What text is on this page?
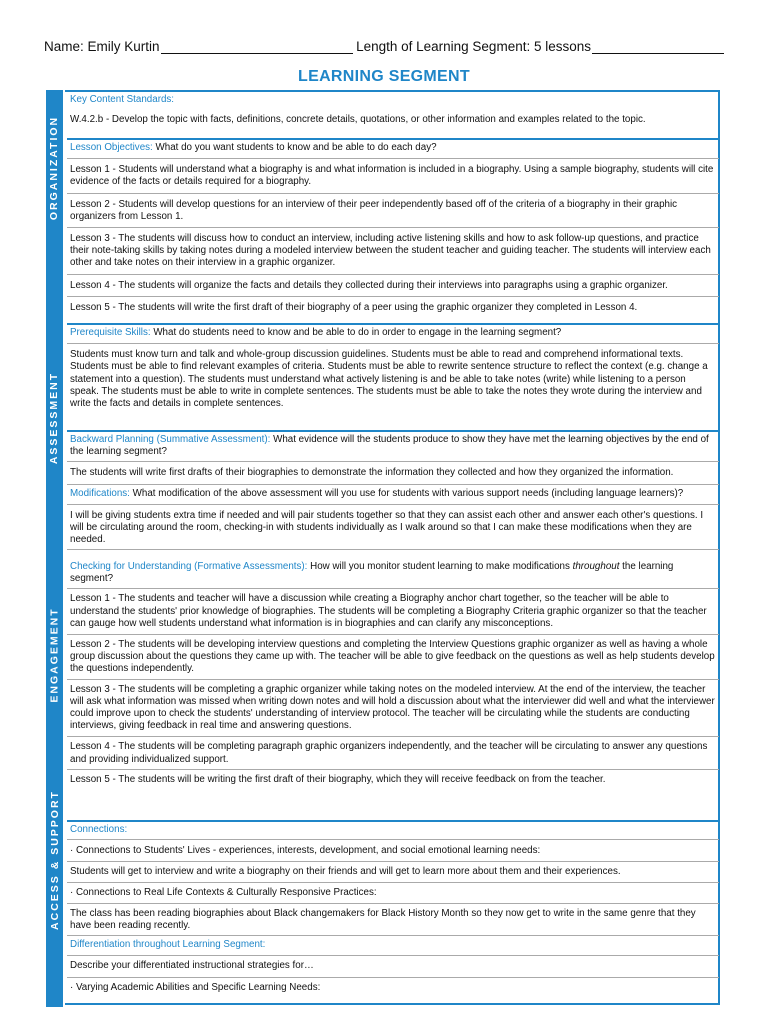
Name: Emily Kurtin	Length of Learning Segment: 5 lessons
LEARNING SEGMENT
ORGANIZATION
ASSESSMENT
ENGAGEMENT
ACCESS & SUPPORT
Key Content Standards:
W.4.2.b - Develop the topic with facts, definitions, concrete details, quotations, or other information and examples related to the topic.
Lesson Objectives: What do you want students to know and be able to do each day?
Lesson 1 - Students will understand what a biography is and what information is included in a biography. Using a sample biography, students will cite evidence of the facts or details required for a biography.
Lesson 2 - Students will develop questions for an interview of their peer independently based off of the criteria of a biography in their graphic organizers from Lesson 1.
Lesson 3 - The students will discuss how to conduct an interview, including active listening skills and how to ask follow-up questions, and practice their note-taking skills by taking notes during a modeled interview between the student teacher and guiding teacher. The students will interview each other and take notes on their interview in a graphic organizer.
Lesson 4 - The students will organize the facts and details they collected during their interviews into paragraphs using a graphic organizer.
Lesson 5 - The students will write the first draft of their biography of a peer using the graphic organizer they completed in Lesson 4.
Prerequisite Skills: What do students need to know and be able to do in order to engage in the learning segment?
Students must know turn and talk and whole-group discussion guidelines. Students must be able to read and comprehend informational texts. Students must be able to find relevant examples of criteria. Students must be able to rewrite sentence structure to reflect the context (e.g. change a statement into a question). The students must understand what actively listening is and be able to take notes (write) while listening to a person speak. The students must be able to write in complete sentences. The students must be able to take the notes they wrote during the interview and write the facts and details in complete sentences.
Backward Planning (Summative Assessment): What evidence will the students produce to show they have met the learning objectives by the end of the learning segment?
The students will write first drafts of their biographies to demonstrate the information they collected and how they organized the information.
Modifications: What modification of the above assessment will you use for students with various support needs (including language learners)?
I will be giving students extra time if needed and will pair students together so that they can assist each other and answer each other's questions. I will be circulating around the room, checking-in with students individually as I walk around so that I can make these modifications when they are needed.
Checking for Understanding (Formative Assessments): How will you monitor student learning to make modifications throughout the learning segment?
Lesson 1 - The students and teacher will have a discussion while creating a Biography anchor chart together, so the teacher will be able to understand the students' prior knowledge of biographies. The students will be completing a Biography Criteria graphic organizer so that the teacher can gauge how well students understand what information is in biographies and can clarify any misconceptions.
Lesson 2 - The students will be developing interview questions and completing the Interview Questions graphic organizer as well as having a whole group discussion about the questions they came up with. The teacher will be able to give feedback on the questions as well as help students develop the questions independently.
Lesson 3 - The students will be completing a graphic organizer while taking notes on the modeled interview. At the end of the interview, the teacher will ask what information was missed when writing down notes and will hold a discussion about what the interviewer did well and what the interviewer could improve upon to check the students' understanding of interview protocol. The teacher will be circulating while the students are conducting interviews, giving feedback in real time and answering questions.
Lesson 4 - The students will be completing paragraph graphic organizers independently, and the teacher will be circulating to answer any questions and providing individualized support.
Lesson 5 - The students will be writing the first draft of their biography, which they will receive feedback on from the teacher.
Connections:
· Connections to Students' Lives - experiences, interests, development, and social emotional learning needs:
Students will get to interview and write a biography on their friends and will get to learn more about them and their experiences.
· Connections to Real Life Contexts & Culturally Responsive Practices:
The class has been reading biographies about Black changemakers for Black History Month so they now get to write in the same genre that they have been reading recently.
Differentiation throughout Learning Segment:
Describe your differentiated instructional strategies for…
· Varying Academic Abilities and Specific Learning Needs:
